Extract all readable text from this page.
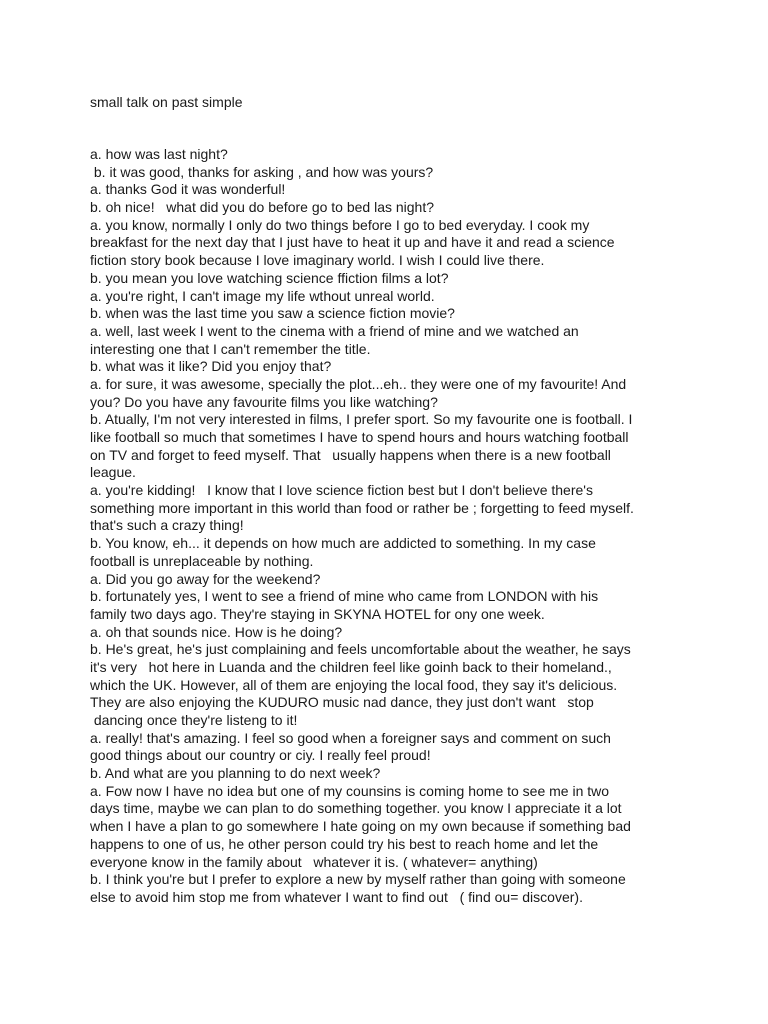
small talk on past simple
a. how was last night?
b. it was good, thanks for asking , and how was yours?
a. thanks God it was wonderful!
b. oh nice!   what did you do before go to bed las night?
a. you know, normally I only do two things before I go to bed everyday. I cook my
breakfast for the next day that I just have to heat it up and have it and read a science
fiction story book because I love imaginary world. I wish I could live there.
b. you mean you love watching science ffiction films a lot?
a. you're right, I can't image my life wthout unreal world.
b. when was the last time you saw a science fiction movie?
a. well, last week I went to the cinema with a friend of mine and we watched an
interesting one that I can't remember the title.
b. what was it like? Did you enjoy that?
a. for sure, it was awesome, specially the plot...eh.. they were one of my favourite! And
you? Do you have any favourite films you like watching?
b. Atually, I'm not very interested in films, I prefer sport. So my favourite one is football. I
like football so much that sometimes I have to spend hours and hours watching football
on TV and forget to feed myself. That   usually happens when there is a new football
league.
a. you're kidding!   I know that I love science fiction best but I don't believe there's
something more important in this world than food or rather be ; forgetting to feed myself.
that's such a crazy thing!
b. You know, eh... it depends on how much are addicted to something. In my case
football is unreplaceable by nothing.
a. Did you go away for the weekend?
b. fortunately yes, I went to see a friend of mine who came from LONDON with his
family two days ago. They're staying in SKYNA HOTEL for ony one week.
a. oh that sounds nice. How is he doing?
b. He's great, he's just complaining and feels uncomfortable about the weather, he says
it's very   hot here in Luanda and the children feel like goinh back to their homeland.,
which the UK. However, all of them are enjoying the local food, they say it's delicious.
They are also enjoying the KUDURO music nad dance, they just don't want   stop
dancing once they're listeng to it!
a. really! that's amazing. I feel so good when a foreigner says and comment on such
good things about our country or ciy. I really feel proud!
b. And what are you planning to do next week?
a. Fow now I have no idea but one of my counsins is coming home to see me in two
days time, maybe we can plan to do something together. you know I appreciate it a lot
when I have a plan to go somewhere I hate going on my own because if something bad
happens to one of us, he other person could try his best to reach home and let the
everyone know in the family about   whatever it is. ( whatever= anything)
b. I think you're but I prefer to explore a new by myself rather than going with someone
else to avoid him stop me from whatever I want to find out   ( find ou= discover).
